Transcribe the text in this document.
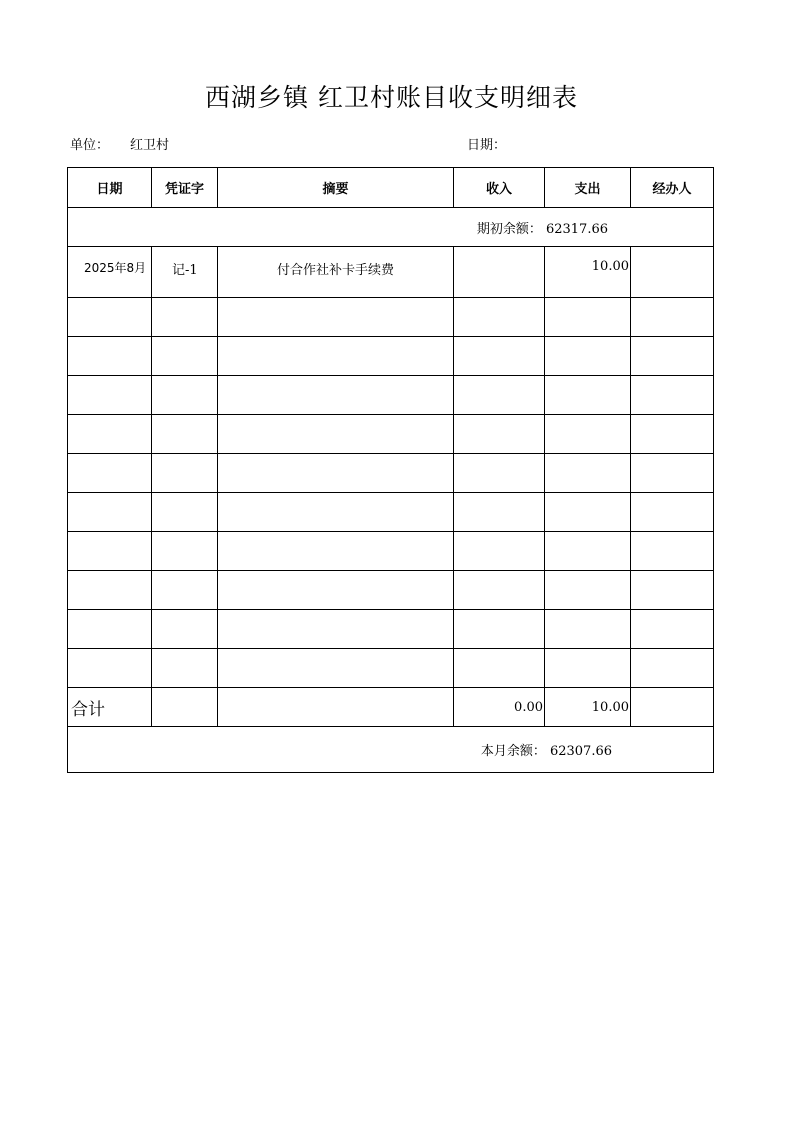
西湖乡镇 红卫村账目收支明细表
单位： 红卫村	日期：
日期	凭证字	摘要	收入	支出	经办人
期初余额： 62317.66					
2025年8月	记-1	付合作社补卡手续费		10.00	

合计			0.00	10.00	
本月余额： 62307.66					
